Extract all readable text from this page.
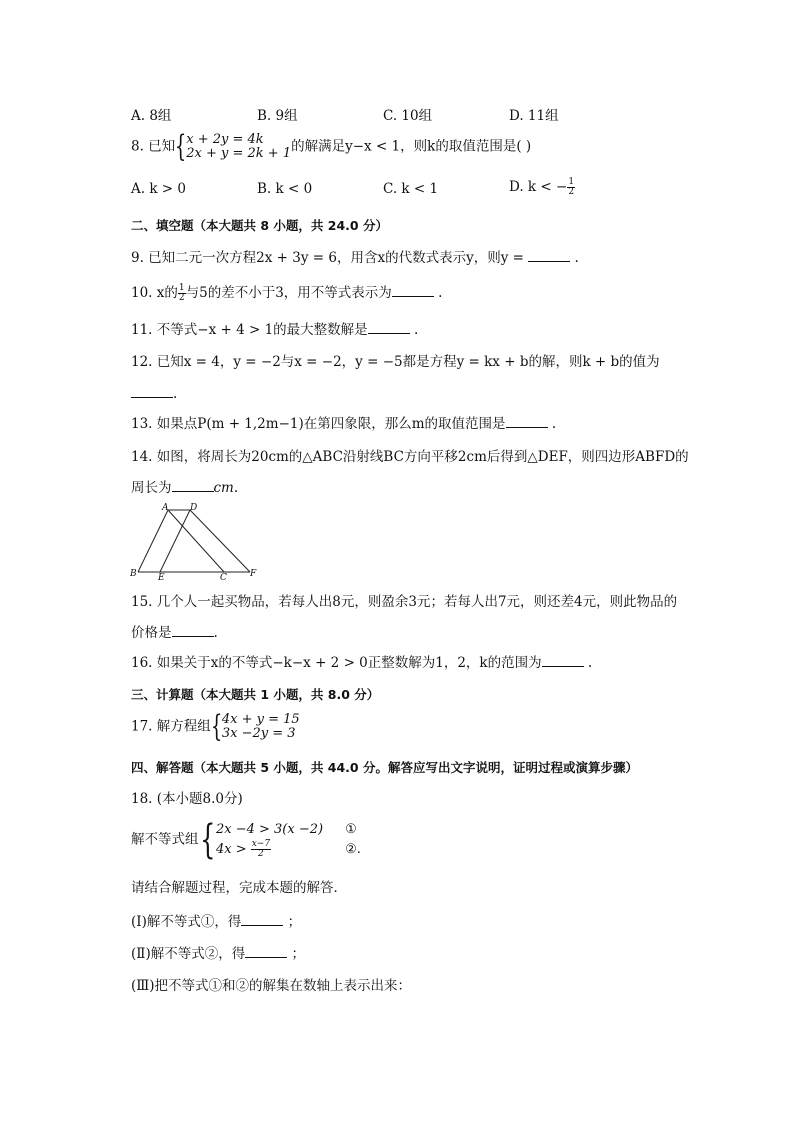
A. 8组	B. 9组	C. 10组	D. 11组
8. 已知 { x + 2y = 4k
2x + y = 2k + 1 的解满足y−x < 1，则k的取值范围是( )
A. k > 0	B. k < 0	C. k < 1	D. k < − $\frac{1}{2}$
二、填空题（本大题共 8 小题，共 24.0 分）
9. 已知二元一次方程2x + 3y = 6，用含x的代数式表示y，则y =	.
10. x的 $\frac{1}{2}$ 与5的差不小于3，用不等式表示为	.
11. 不等式−x + 4 > 1的最大整数解是	.
12. 已知x = 4，y = −2与x = −2，y = −5都是方程y = kx + b的解，则k + b的值为
.
13. 如果点P(m + 1,2m−1)在第四象限，那么m的取值范围是	.
14. 如图，将周长为20cm的△ABC沿射线BC方向平移2cm后得到△DEF，则四边形ABFD的
周长为	cm.
A D
B E	C	F
15. 几个人一起买物品，若每人出8元，则盈余3元；若每人出7元，则还差4元，则此物品的
价格是	.
16. 如果关于x的不等式−k−x + 2 > 0正整数解为1，2，k的范围为	.
三、计算题（本大题共 1 小题，共 8.0 分）
17. 解方程组 { 4x + y = 15
3x −2y = 3
四、解答题（本大题共 5 小题，共 44.0 分。解答应写出文字说明，证明过程或演算步骤）
18. (本小题8.0分)
解不等式组 { 2x −4 > 3(x −2)
$4x > \frac{x-7}{2}$
①
②.
请结合解题过程，完成本题的解答．
(Ⅰ)解不等式①，得	；
(Ⅱ)解不等式②，得	；
(Ⅲ)把不等式①和②的解集在数轴上表示出来：
